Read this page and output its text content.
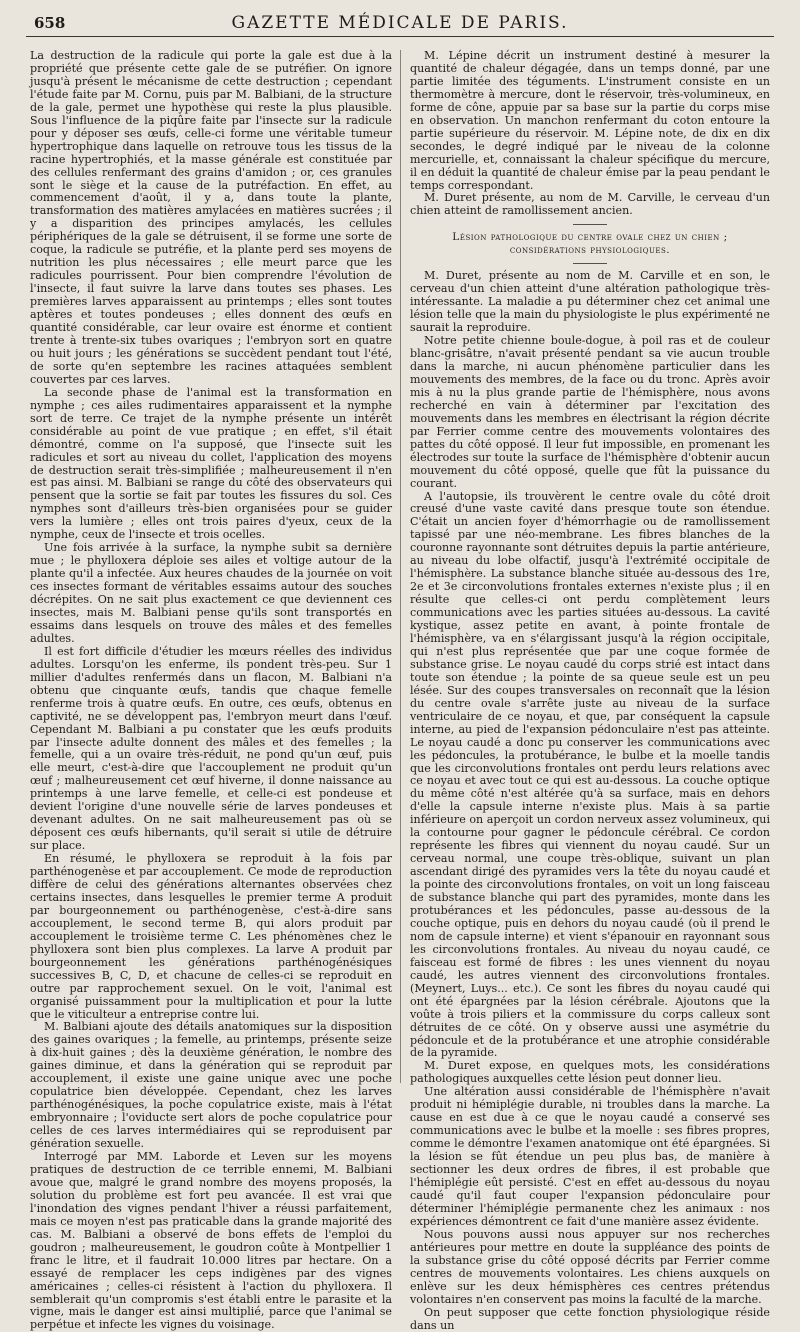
658	GAZETTE MÉDICALE DE PARIS.

La destruction de la radicule qui porte la gale est due à la propriété que présente cette gale de se putréfier. On ignore jusqu'à présent le mécanisme de cette destruction ; cependant l'étude faite par M. Cornu, puis par M. Balbiani, de la structure de la gale, permet une hypothèse qui reste la plus plausible. Sous l'influence de la piqûre faite par l'insecte sur la radicule pour y déposer ses œufs, celle-ci forme une véritable tumeur hypertrophique dans laquelle on retrouve tous les tissus de la racine hypertrophiés, et la masse générale est constituée par des cellules renfermant des grains d'amidon ; or, ces granules sont le siège et la cause de la putréfaction. En effet, au commencement d'août, il y a, dans toute la plante, transformation des matières amylacées en matières sucrées ; il y a disparition des principes amylacés, les cellules périphériques de la gale se détruisent, il se forme une sorte de coque, la radicule se putréfie, et la plante perd ses moyens de nutrition les plus nécessaires ; elle meurt parce que les radicules pourrissent. Pour bien comprendre l'évolution de l'insecte, il faut suivre la larve dans toutes ses phases. Les premières larves apparaissent au printemps ; elles sont toutes aptères et toutes pondeuses ; elles donnent des œufs en quantité considérable, car leur ovaire est énorme et contient trente à trente-six tubes ovariques ; l'embryon sort en quatre ou huit jours ; les générations se succèdent pendant tout l'été, de sorte qu'en septembre les racines attaquées semblent couvertes par ces larves.

La seconde phase de l'animal est la transformation en nymphe ; ces ailes rudimentaires apparaissent et la nymphe sort de terre. Ce trajet de la nymphe présente un intérêt considérable au point de vue pratique ; en effet, s'il était démontré, comme on l'a supposé, que l'insecte suit les radicules et sort au niveau du collet, l'application des moyens de destruction serait très-simplifiée ; malheureusement il n'en est pas ainsi. M. Balbiani se range du côté des observateurs qui pensent que la sortie se fait par toutes les fissures du sol. Ces nymphes sont d'ailleurs très-bien organisées pour se guider vers la lumière ; elles ont trois paires d'yeux, ceux de la nymphe, ceux de l'insecte et trois ocelles.

Une fois arrivée à la surface, la nymphe subit sa dernière mue ; le phylloxera déploie ses ailes et voltige autour de la plante qu'il a infectée. Aux heures chaudes de la journée on voit ces insectes formant de véritables essaims autour des souches décrépites. On ne sait plus exactement ce que deviennent ces insectes, mais M. Balbiani pense qu'ils sont transportés en essaims dans lesquels on trouve des mâles et des femelles adultes.

Il est fort difficile d'étudier les mœurs réelles des individus adultes. Lorsqu'on les enferme, ils pondent très-peu. Sur 1 millier d'adultes renfermés dans un flacon, M. Balbiani n'a obtenu que cinquante œufs, tandis que chaque femelle renferme trois à quatre œufs. En outre, ces œufs, obtenus en captivité, ne se développent pas, l'embryon meurt dans l'œuf. Cependant M. Balbiani a pu constater que les œufs produits par l'insecte adulte donnent des mâles et des femelles ; la femelle, qui a un ovaire très-réduit, ne pond qu'un œuf, puis elle meurt, c'est-à-dire que l'accouplement ne produit qu'un œuf ; malheureusement cet œuf hiverne, il donne naissance au printemps à une larve femelle, et celle-ci est pondeuse et devient l'origine d'une nouvelle série de larves pondeuses et devenant adultes. On ne sait malheureusement pas où se déposent ces œufs hibernants, qu'il serait si utile de détruire sur place.

En résumé, le phylloxera se reproduit à la fois par parthénogenèse et par accouplement. Ce mode de reproduction diffère de celui des générations alternantes observées chez certains insectes, dans lesquelles le premier terme A produit par bourgeonnement ou parthénogenèse, c'est-à-dire sans accouplement, le second terme B, qui alors produit par accouplement le troisième terme C. Les phénomènes chez le phylloxera sont bien plus complexes. La larve A produit par bourgeonnement les générations parthénogénésiques successives B, C, D, et chacune de celles-ci se reproduit en outre par rapprochement sexuel. On le voit, l'animal est organisé puissamment pour la multiplication et pour la lutte que le viticulteur a entreprise contre lui.

M. Balbiani ajoute des détails anatomiques sur la disposition des gaines ovariques ; la femelle, au printemps, présente seize à dix-huit gaines ; dès la deuxième génération, le nombre des gaines diminue, et dans la génération qui se reproduit par accouplement, il existe une gaine unique avec une poche copulatrice bien développée. Cependant, chez les larves parthénogénésiques, la poche copulatrice existe, mais à l'état embryonnaire ; l'oviducte sert alors de poche copulatrice pour celles de ces larves intermédiaires qui se reproduisent par génération sexuelle.

Interrogé par MM. Laborde et Leven sur les moyens pratiques de destruction de ce terrible ennemi, M. Balbiani avoue que, malgré le grand nombre des moyens proposés, la solution du problème est fort peu avancée. Il est vrai que l'inondation des vignes pendant l'hiver a réussi parfaitement, mais ce moyen n'est pas praticable dans la grande majorité des cas. M. Balbiani a observé de bons effets de l'emploi du goudron ; malheureusement, le goudron coûte à Montpellier 1 franc le litre, et il faudrait 10.000 litres par hectare. On a essayé de remplacer les ceps indigènes par des vignes américaines ; celles-ci résistent à l'action du phylloxera. Il semblerait qu'un compromis s'est établi entre le parasite et la vigne, mais le danger est ainsi multiplié, parce que l'animal se perpétue et infecte les vignes du voisinage.

M. Lépine décrit un instrument destiné à mesurer la quantité de chaleur dégagée, dans un temps donné, par une partie limitée des téguments. L'instrument consiste en un thermomètre à mercure, dont le réservoir, très-volumineux, en forme de cône, appuie par sa base sur la partie du corps mise en observation. Un manchon renfermant du coton entoure la partie supérieure du réservoir. M. Lépine note, de dix en dix secondes, le degré indiqué par le niveau de la colonne mercurielle, et, connaissant la chaleur spécifique du mercure, il en déduit la quantité de chaleur émise par la peau pendant le temps correspondant.

M. Duret présente, au nom de M. Carville, le cerveau d'un chien atteint de ramollissement ancien.

Lésion pathologique du centre ovale chez un chien ;

considérations physiologiques.

M. Duret, présente au nom de M. Carville et en son, le cerveau d'un chien atteint d'une altération pathologique très-intéressante. La maladie a pu déterminer chez cet animal une lésion telle que la main du physiologiste le plus expérimenté ne saurait la reproduire.

Notre petite chienne boule-dogue, à poil ras et de couleur blanc-grisâtre, n'avait présenté pendant sa vie aucun trouble dans la marche, ni aucun phénomène particulier dans les mouvements des membres, de la face ou du tronc. Après avoir mis à nu la plus grande partie de l'hémisphère, nous avons recherché en vain à déterminer par l'excitation des mouvements dans les membres en électrisant la région décrite par Ferrier comme centre des mouvements volontaires des pattes du côté opposé. Il leur fut impossible, en promenant les électrodes sur toute la surface de l'hémisphère d'obtenir aucun mouvement du côté opposé, quelle que fût la puissance du courant.

A l'autopsie, ils trouvèrent le centre ovale du côté droit creusé d'une vaste cavité dans presque toute son étendue. C'était un ancien foyer d'hémorrhagie ou de ramollissement tapissé par une néo-membrane. Les fibres blanches de la couronne rayonnante sont détruites depuis la partie antérieure, au niveau du lobe olfactif, jusqu'à l'extrémité occipitale de l'hémisphère. La substance blanche située au-dessous des 1re, 2e et 3e circonvolutions frontales externes n'existe plus ; il en résulte que celles-ci ont perdu complètement leurs communications avec les parties situées au-dessous. La cavité kystique, assez petite en avant, à pointe frontale de l'hémisphère, va en s'élargissant jusqu'à la région occipitale, qui n'est plus représentée que par une coque formée de substance grise. Le noyau caudé du corps strié est intact dans toute son étendue ; la pointe de sa queue seule est un peu lésée. Sur des coupes transversales on reconnaît que la lésion du centre ovale s'arrête juste au niveau de la surface ventriculaire de ce noyau, et que, par conséquent la capsule interne, au pied de l'expansion pédonculaire n'est pas atteinte. Le noyau caudé a donc pu conserver les communications avec les pédoncules, la protubérance, le bulbe et la moelle tandis que les circonvolutions frontales ont perdu leurs relations avec ce noyau et avec tout ce qui est au-dessous. La couche optique du même côté n'est altérée qu'à sa surface, mais en dehors d'elle la capsule interne n'existe plus. Mais à sa partie inférieure on aperçoit un cordon nerveux assez volumineux, qui la contourne pour gagner le pédoncule cérébral. Ce cordon représente les fibres qui viennent du noyau caudé. Sur un cerveau normal, une coupe très-oblique, suivant un plan ascendant dirigé des pyramides vers la tête du noyau caudé et la pointe des circonvolutions frontales, on voit un long faisceau de substance blanche qui part des pyramides, monte dans les protubérances et les pédoncules, passe au-dessous de la couche optique, puis en dehors du noyau caudé (où il prend le nom de capsule interne) et vient s'épanouir en rayonnant sous les circonvolutions frontales. Au niveau du noyau caudé, ce faisceau est formé de fibres : les unes viennent du noyau caudé, les autres viennent des circonvolutions frontales. (Meynert, Luys... etc.). Ce sont les fibres du noyau caudé qui ont été épargnées par la lésion cérébrale. Ajoutons que la voûte à trois piliers et la commissure du corps calleux sont détruites de ce côté. On y observe aussi une asymétrie du pédoncule et de la protubérance et une atrophie considérable de la pyramide.

M. Duret expose, en quelques mots, les considérations pathologiques auxquelles cette lésion peut donner lieu.

Une altération aussi considérable de l'hémisphère n'avait produit ni hémiplégie durable, ni troubles dans la marche. La cause en est due à ce que le noyau caudé a conservé ses communications avec le bulbe et la moelle : ses fibres propres, comme le démontre l'examen anatomique ont été épargnées. Si la lésion se fût étendue un peu plus bas, de manière à sectionner les deux ordres de fibres, il est probable que l'hémiplégie eût persisté. C'est en effet au-dessous du noyau caudé qu'il faut couper l'expansion pédonculaire pour déterminer l'hémiplégie permanente chez les animaux : nos expériences démontrent ce fait d'une manière assez évidente.

Nous pouvons aussi nous appuyer sur nos recherches antérieures pour mettre en doute la suppléance des points de la substance grise du côté opposé décrits par Ferrier comme centres de mouvements volontaires. Les chiens auxquels on enlève sur les deux hémisphères ces centres prétendus volontaires n'en conservent pas moins la faculté de la marche.

On peut supposer que cette fonction physiologique réside dans un
